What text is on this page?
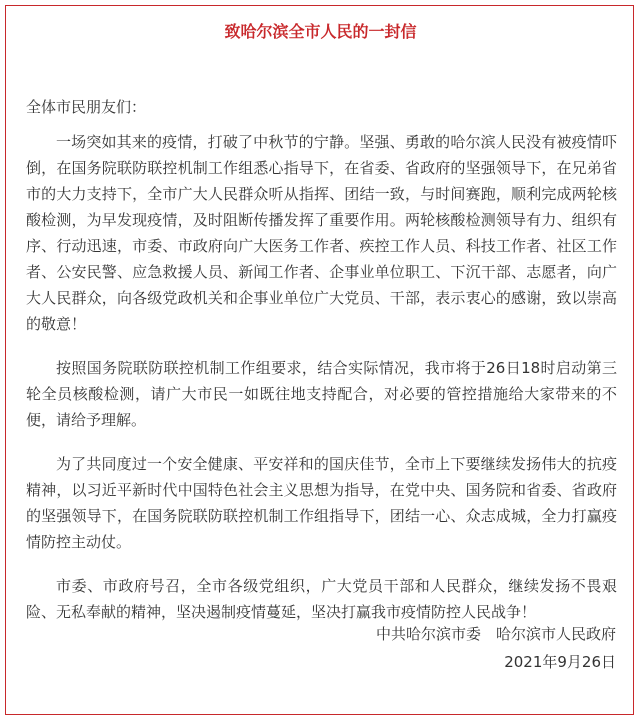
致哈尔滨全市人民的一封信

全体市民朋友们：

一场突如其来的疫情，打破了中秋节的宁静。坚强、勇敢的哈尔滨人民没有被疫情吓倒，在国务院联防联控机制工作组悉心指导下，在省委、省政府的坚强领导下，在兄弟省市的大力支持下，全市广大人民群众听从指挥、团结一致，与时间赛跑，顺利完成两轮核酸检测，为早发现疫情，及时阻断传播发挥了重要作用。两轮核酸检测领导有力、组织有序、行动迅速，市委、市政府向广大医务工作者、疾控工作人员、科技工作者、社区工作者、公安民警、应急救援人员、新闻工作者、企事业单位职工、下沉干部、志愿者，向广大人民群众，向各级党政机关和企事业单位广大党员、干部，表示衷心的感谢，致以崇高的敬意！

按照国务院联防联控机制工作组要求，结合实际情况，我市将于26日18时启动第三轮全员核酸检测，请广大市民一如既往地支持配合，对必要的管控措施给大家带来的不便，请给予理解。

为了共同度过一个安全健康、平安祥和的国庆佳节，全市上下要继续发扬伟大的抗疫精神，以习近平新时代中国特色社会主义思想为指导，在党中央、国务院和省委、省政府的坚强领导下，在国务院联防联控机制工作组指导下，团结一心、众志成城，全力打赢疫情防控主动仗。

市委、市政府号召，全市各级党组织，广大党员干部和人民群众，继续发扬不畏艰险、无私奉献的精神，坚决遏制疫情蔓延，坚决打赢我市疫情防控人民战争！

中共哈尔滨市委　哈尔滨市人民政府
2021年9月26日
